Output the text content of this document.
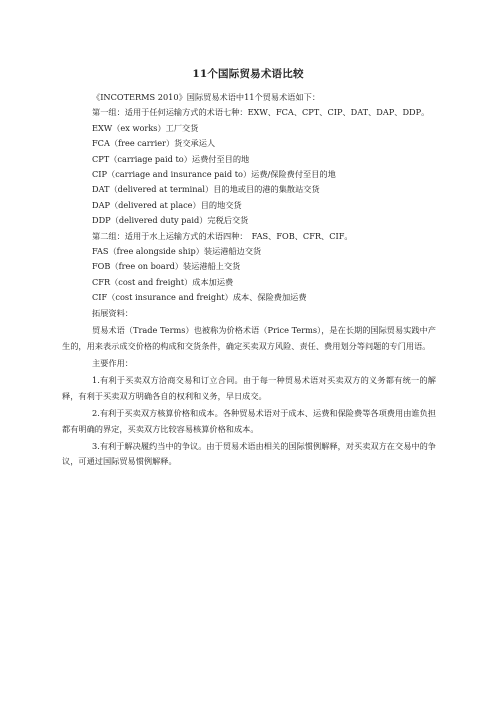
11个国际贸易术语比较

《INCOTERMS 2010》国际贸易术语中11个贸易术语如下：

第一组：适用于任何运输方式的术语七种：EXW、FCA、CPT、CIP、DAT、DAP、DDP。

EXW（ex works）工厂交货

FCA（free carrier）货交承运人

CPT（carriage paid to）运费付至目的地

CIP（carriage and insurance paid to）运费/保险费付至目的地

DAT（delivered at terminal）目的地或目的港的集散站交货

DAP（delivered at place）目的地交货

DDP（delivered duty paid）完税后交货

第二组：适用于水上运输方式的术语四种：　FAS、FOB、CFR、CIF。

FAS（free alongside ship）装运港船边交货

FOB（free on board）装运港船上交货

CFR（cost and freight）成本加运费

CIF（cost insurance and freight）成本、保险费加运费

拓展资料：

贸易术语（Trade Terms）也被称为价格术语（Price Terms），是在长期的国际贸易实践中产生的，用来表示成交价格的构成和交货条件，确定买卖双方风险、责任、费用划分等问题的专门用语。

主要作用：

1.有利于买卖双方洽商交易和订立合同。由于每一种贸易术语对买卖双方的义务都有统一的解释，有利于买卖双方明确各自的权利和义务，早日成交。

2.有利于买卖双方核算价格和成本。各种贸易术语对于成本、运费和保险费等各项费用由谁负担都有明确的界定，买卖双方比较容易核算价格和成本。

3.有利于解决履约当中的争议。由于贸易术语由相关的国际惯例解释，对买卖双方在交易中的争议，可通过国际贸易惯例解释。
